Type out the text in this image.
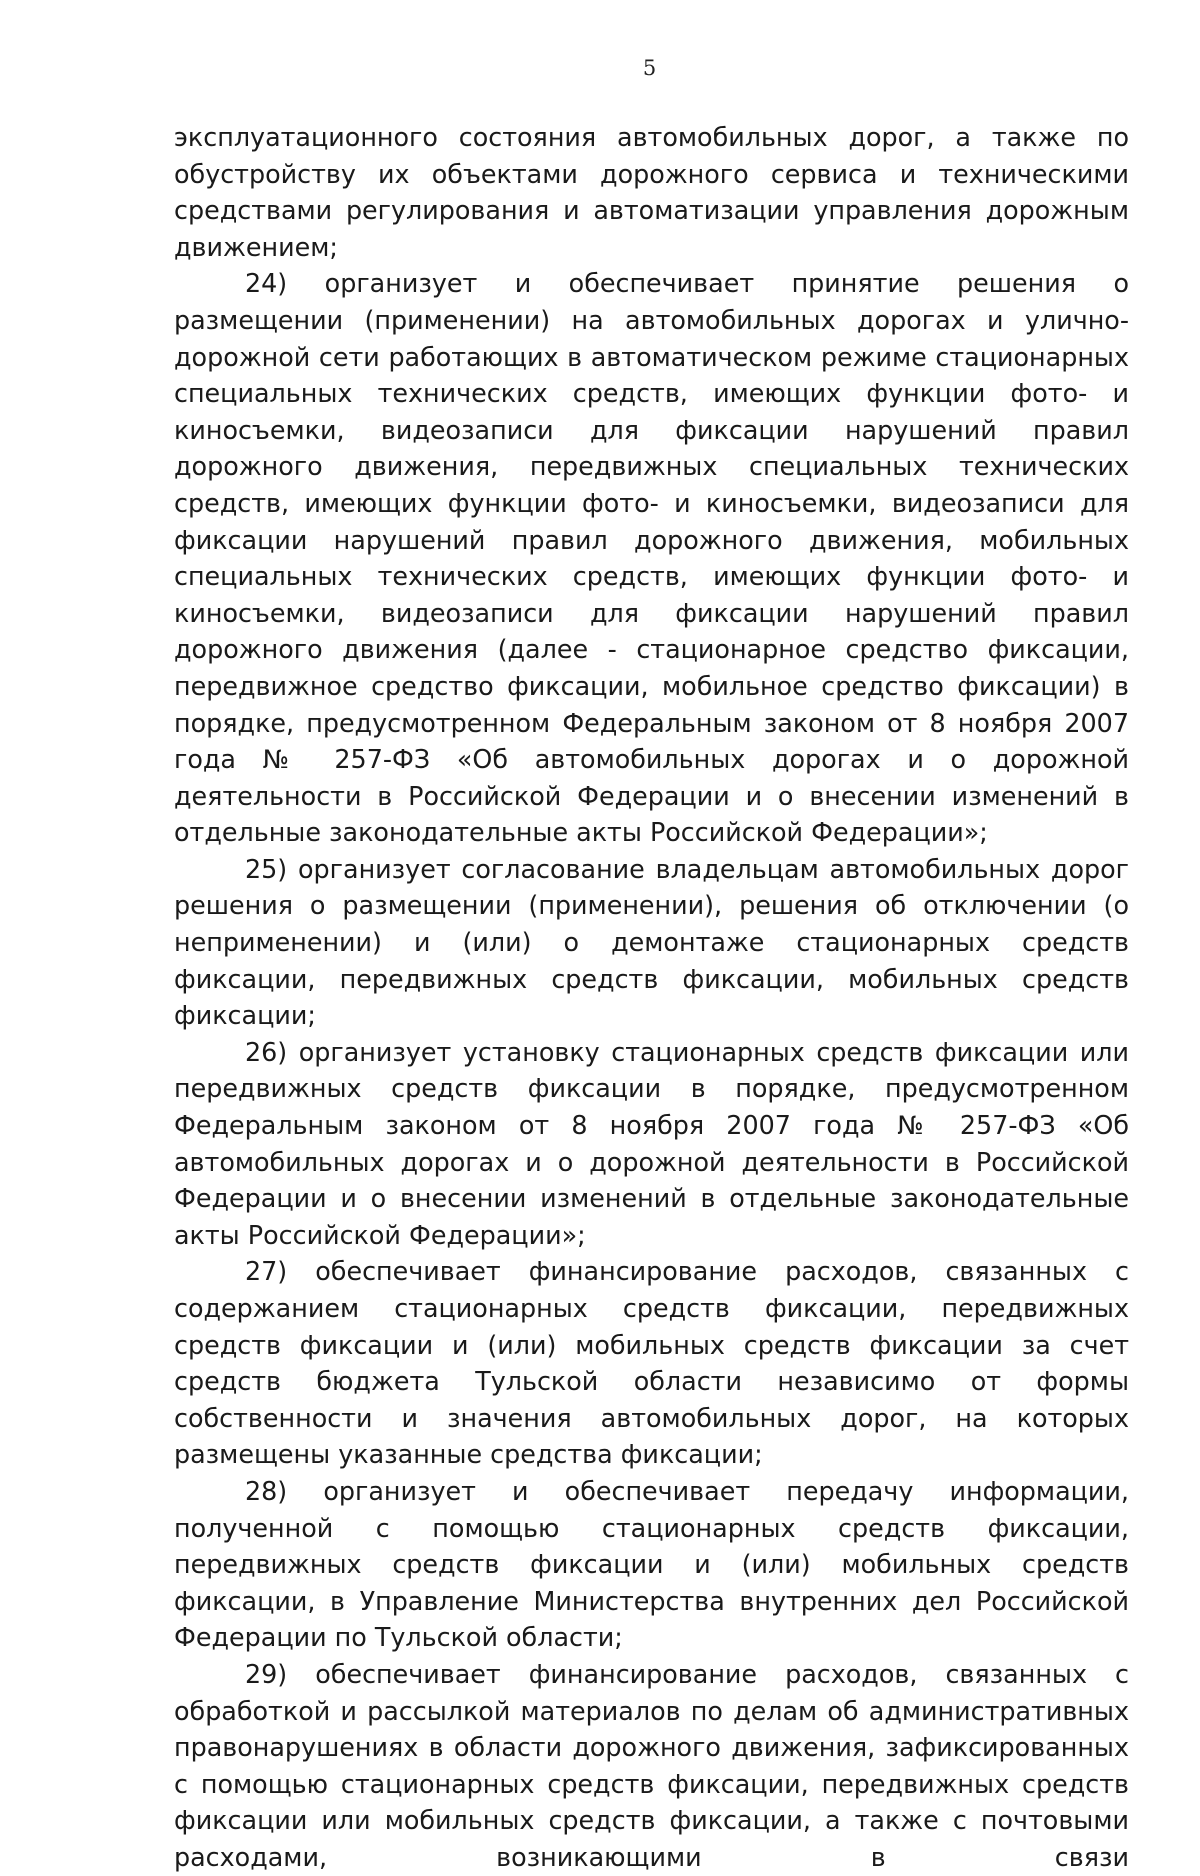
5

эксплуатационного состояния автомобильных дорог, а также по обустройству их объектами дорожного сервиса и техническими средствами регулирования и автоматизации управления дорожным движением;

24) организует и обеспечивает принятие решения о размещении (применении) на автомобильных дорогах и улично-дорожной сети работающих в автоматическом режиме стационарных специальных технических средств, имеющих функции фото- и киносъемки, видеозаписи для фиксации нарушений правил дорожного движения, передвижных специальных технических средств, имеющих функции фото- и киносъемки, видеозаписи для фиксации нарушений правил дорожного движения, мобильных специальных технических средств, имеющих функции фото- и киносъемки, видеозаписи для фиксации нарушений правил дорожного движения (далее - стационарное средство фиксации, передвижное средство фиксации, мобильное средство фиксации) в порядке, предусмотренном Федеральным законом от 8 ноября 2007 года № 257-ФЗ «Об автомобильных дорогах и о дорожной деятельности в Российской Федерации и о внесении изменений в отдельные законодательные акты Российской Федерации»;

25) организует согласование владельцам автомобильных дорог решения о размещении (применении), решения об отключении (о неприменении) и (или) о демонтаже стационарных средств фиксации, передвижных средств фиксации, мобильных средств фиксации;

26) организует установку стационарных средств фиксации или передвижных средств фиксации в порядке, предусмотренном Федеральным законом от 8 ноября 2007 года № 257-ФЗ «Об автомобильных дорогах и о дорожной деятельности в Российской Федерации и о внесении изменений в отдельные законодательные акты Российской Федерации»;

27) обеспечивает финансирование расходов, связанных с содержанием стационарных средств фиксации, передвижных средств фиксации и (или) мобильных средств фиксации за счет средств бюджета Тульской области независимо от формы собственности и значения автомобильных дорог, на которых размещены указанные средства фиксации;

28) организует и обеспечивает передачу информации, полученной с помощью стационарных средств фиксации, передвижных средств фиксации и (или) мобильных средств фиксации, в Управление Министерства внутренних дел Российской Федерации по Тульской области;

29) обеспечивает финансирование расходов, связанных с обработкой и рассылкой материалов по делам об административных правонарушениях в области дорожного движения, зафиксированных с помощью стационарных средств фиксации, передвижных средств фиксации или мобильных средств фиксации, а также с почтовыми расходами, возникающими в связи
